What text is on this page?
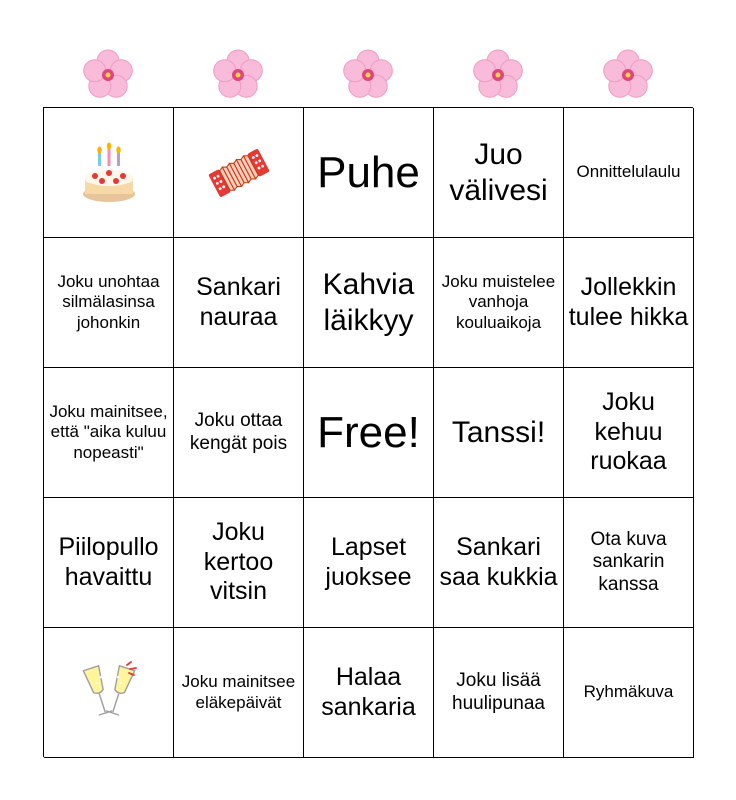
Puhe	Juo välivesi
Onnittelulaulu
Joku unohtaa silmälasinsa johonkin
Sankari nauraa
Kahvia läikkyy
Joku muistelee vanhoja kouluaikoja
Jollekkin tulee hikka
Joku mainitsee, että "aika kuluu nopeasti"
Joku ottaa kengät pois Free! Tanssi!
Joku kehuu ruokaa
Piilopullo havaittu
Joku kertoo vitsin
Lapset juoksee
Sankari saa kukkia
Ota kuva sankarin kanssa
Joku mainitsee eläkepäivät
Halaa sankaria
Joku lisää huulipunaa
Ryhmäkuva
